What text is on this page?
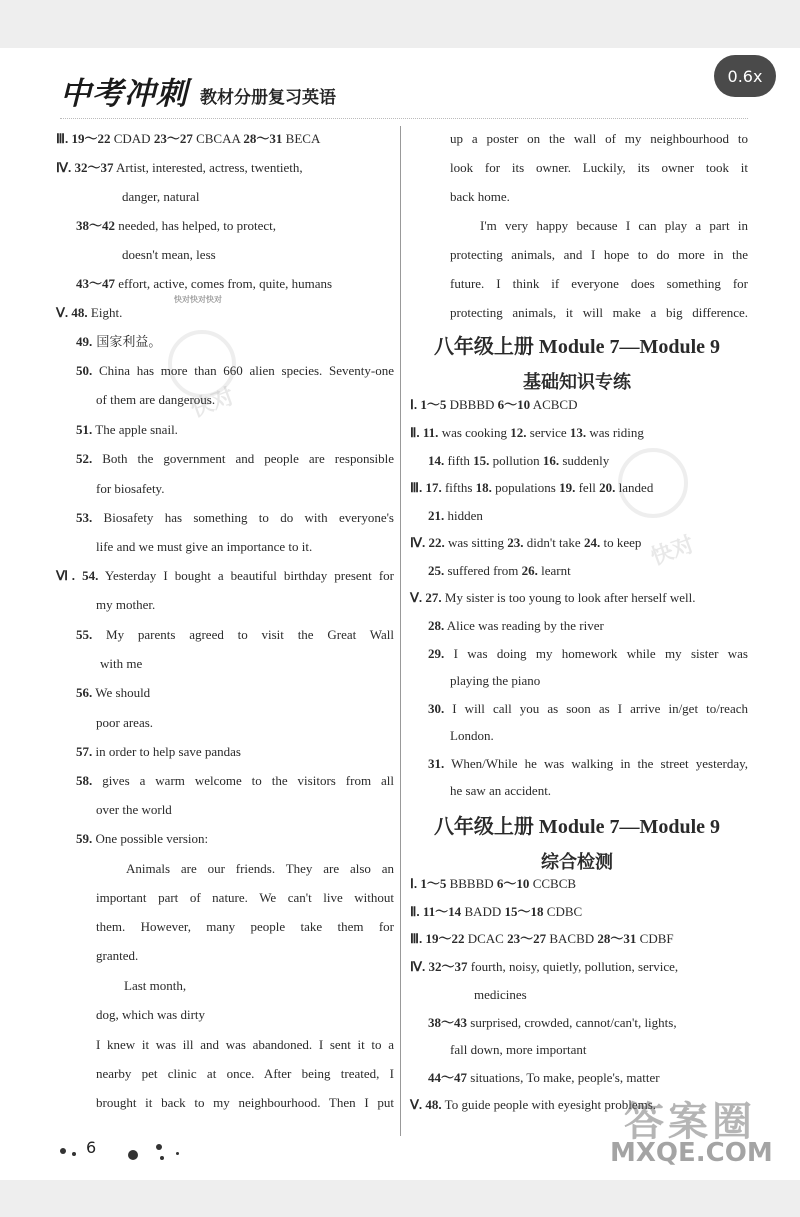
中考冲刺 教材分册复习英语
快对
快对快对快对
快对
Ⅲ. 19～22 CDAD 23～27 CBCAA 28～31 BECA
Ⅳ. 32～37 Artist, interested, actress, twentieth,
danger, natural
38～42 needed, has helped, to protect,
doesn't mean, less
43～47 effort, active, comes from, quite, humans
Ⅴ. 48. Eight.
49. 国家利益。
50. China has more than 660 alien species. Seventy-one
of them are dangerous.
51. The apple snail.
52. Both the government and people are responsible
for biosafety.
53. Biosafety has something to do with everyone's
life and we must give an importance to it.
Ⅵ. 54. Yesterday I bought a beautiful birthday present for
my mother.
55. My parents agreed to visit the Great Wall
with me
56. We should
poor areas.
57. in order to help save pandas
58. gives a warm welcome to the visitors from all
over the world
59. One possible version:
Animals are our friends. They are also an
important part of nature. We can't live without
them. However, many people take them for
granted.
Last month,
dog, which was dirty
I knew it was ill and was abandoned. I sent it to a
nearby pet clinic at once. After being treated, I
brought it back to my neighbourhood. Then I put
up a poster on the wall of my neighbourhood to
look for its owner. Luckily, its owner took it
back home.
I'm very happy because I can play a part in
protecting animals, and I hope to do more in the
future. I think if everyone does something for
protecting animals, it will make a big difference.
Ⅰ. 1～5 DBBBD 6～10 ACBCD
Ⅱ. 11. was cooking 12. service 13. was riding
14. fifth 15. pollution 16. suddenly
Ⅲ. 17. fifths 18. populations 19. fell 20. landed
21. hidden
Ⅳ. 22. was sitting 23. didn't take 24. to keep
25. suffered from 26. learnt
Ⅴ. 27. My sister is too young to look after herself well.
28. Alice was reading by the river
29. I was doing my homework while my sister was
playing the piano
30. I will call you as soon as I arrive in/get to/reach
London.
31. When/While he was walking in the street yesterday,
he saw an accident.
Ⅰ. 1～5 BBBBD 6～10 CCBCB
Ⅱ. 11～14 BADD 15～18 CDBC
Ⅲ. 19～22 DCAC 23～27 BACBD 28～31 CDBF
Ⅳ. 32～37 fourth, noisy, quietly, pollution, service,
medicines
38～43 surprised, crowded, cannot/can't, lights,
fall down, more important
44～47 situations, To make, people's, matter
Ⅴ. 48. To guide people with eyesight problems.
八年级上册 Module 7—Module 9
基础知识专练
八年级上册 Module 7—Module 9
综合检测
6
0.6x
答案圈
MXQE.COM
